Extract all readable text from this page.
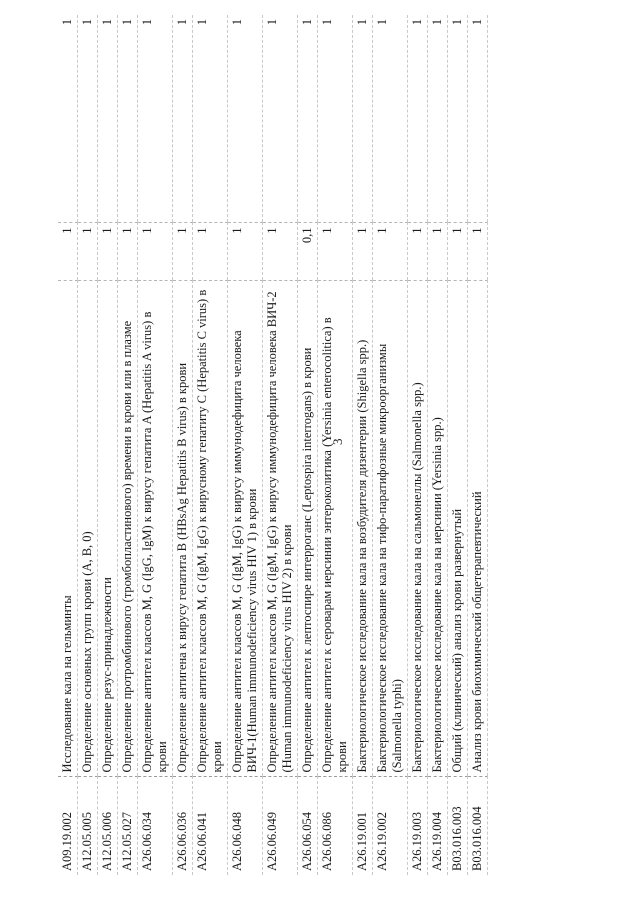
3
A09.19.002	Исследование кала на гельминты	1	1
A12.05.005	Определение основных групп крови (A, B, 0)	1	1
A12.05.006	Определение резус-принадлежности	1	1
A12.05.027	Определение протромбинового (тромбопластинового) времени в крови или в плазме	1	1
A26.06.034	Определение антител классов M, G (IgG, IgM) к вирусу гепатита A (Hepatitis A virus) в крови	1	1
A26.06.036	Определение антигена к вирусу гепатита B (HBsAg Hepatitis B virus) в крови	1	1
A26.06.041	Определение антител классов M, G (IgM, IgG) к вирусному гепатиту C (Hepatitis C virus) в крови	1	1
A26.06.048	Определение антител классов M, G (IgM, IgG) к вирусу иммунодефицита человека ВИЧ-1(Human immunodeficiency virus HIV 1) в крови	1	1
A26.06.049	Определение антител классов M, G (IgM, IgG) к вирусу иммунодефицита человека ВИЧ-2 (Human immunodeficiency virus HIV 2) в крови	1	1
A26.06.054	Определение антител к лептоспире интерроганс (Leptospira interrogans) в крови	0,1	1
A26.06.086	Определение антител к сероварам иерсинии энтероколитика (Yersinia enterocolitica) в крови	1	1
A26.19.001	Бактериологическое исследование кала на возбудителя дизентерии (Shigella spp.)	1	1
A26.19.002	Бактериологическое исследование кала на тифо-паратифозные микроорганизмы (Salmonella typhi)	1	1
A26.19.003	Бактериологическое исследование кала на сальмонеллы (Salmonella spp.)	1	1
A26.19.004	Бактериологическое исследование кала на иерсинии (Yersinia spp.)	1	1
B03.016.003	Общий (клинический) анализ крови развернутый	1	1
B03.016.004	Анализ крови биохимический общетерапевтический	1	1
